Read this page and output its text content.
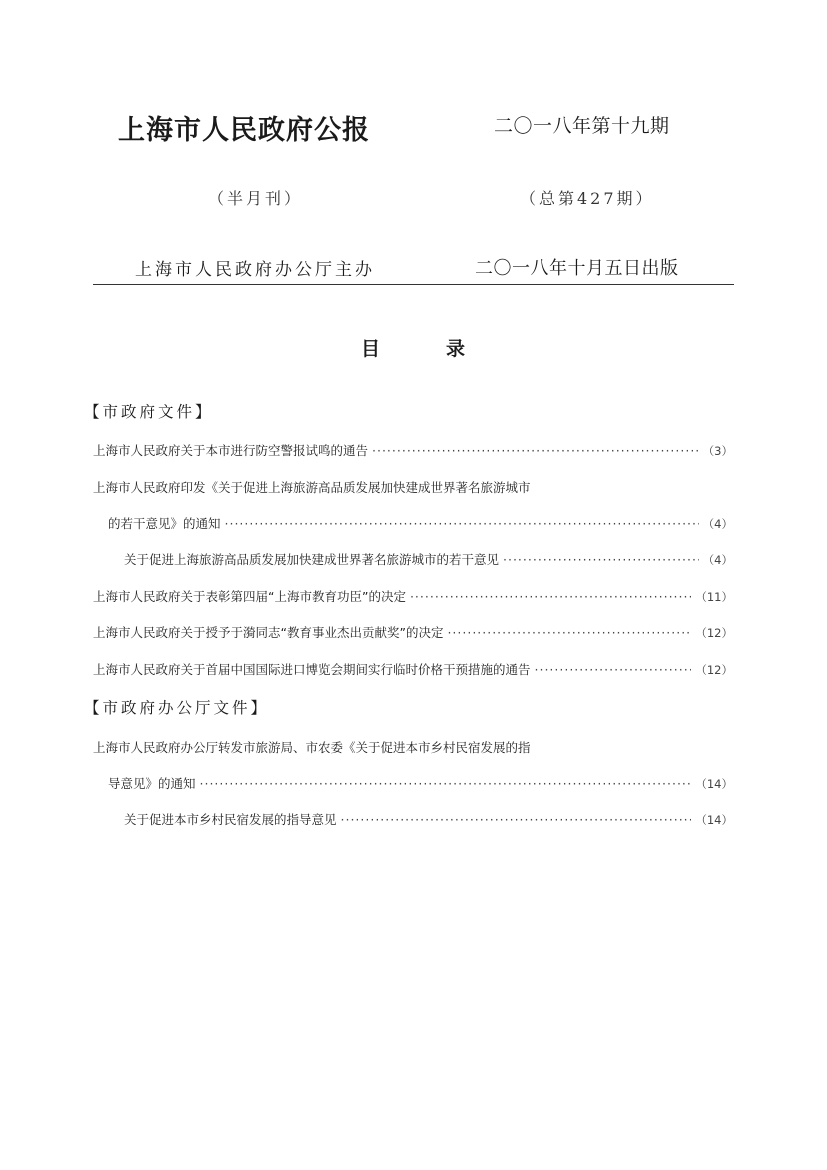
上海市人民政府公报	二〇一八年第十九期
（半月刊）	（总第427期）
上海市人民政府办公厅主办	二〇一八年十月五日出版
目录
【市政府文件】
上海市人民政府关于本市进行防空警报试鸣的通告 ·····	（3）
上海市人民政府印发《关于促进上海旅游高品质发展加快建成世界著名旅游城市
的若干意见》的通知 ·····	（4）
关于促进上海旅游高品质发展加快建成世界著名旅游城市的若干意见 ·····	（4）
上海市人民政府关于表彰第四届“上海市教育功臣”的决定 ·····	（11）
上海市人民政府关于授予于漪同志“教育事业杰出贡献奖”的决定 ·····	（12）
上海市人民政府关于首届中国国际进口博览会期间实行临时价格干预措施的通告 ·····	（12）
【市政府办公厅文件】
上海市人民政府办公厅转发市旅游局、市农委《关于促进本市乡村民宿发展的指
导意见》的通知 ·····	（14）
关于促进本市乡村民宿发展的指导意见 ·····	（14）
